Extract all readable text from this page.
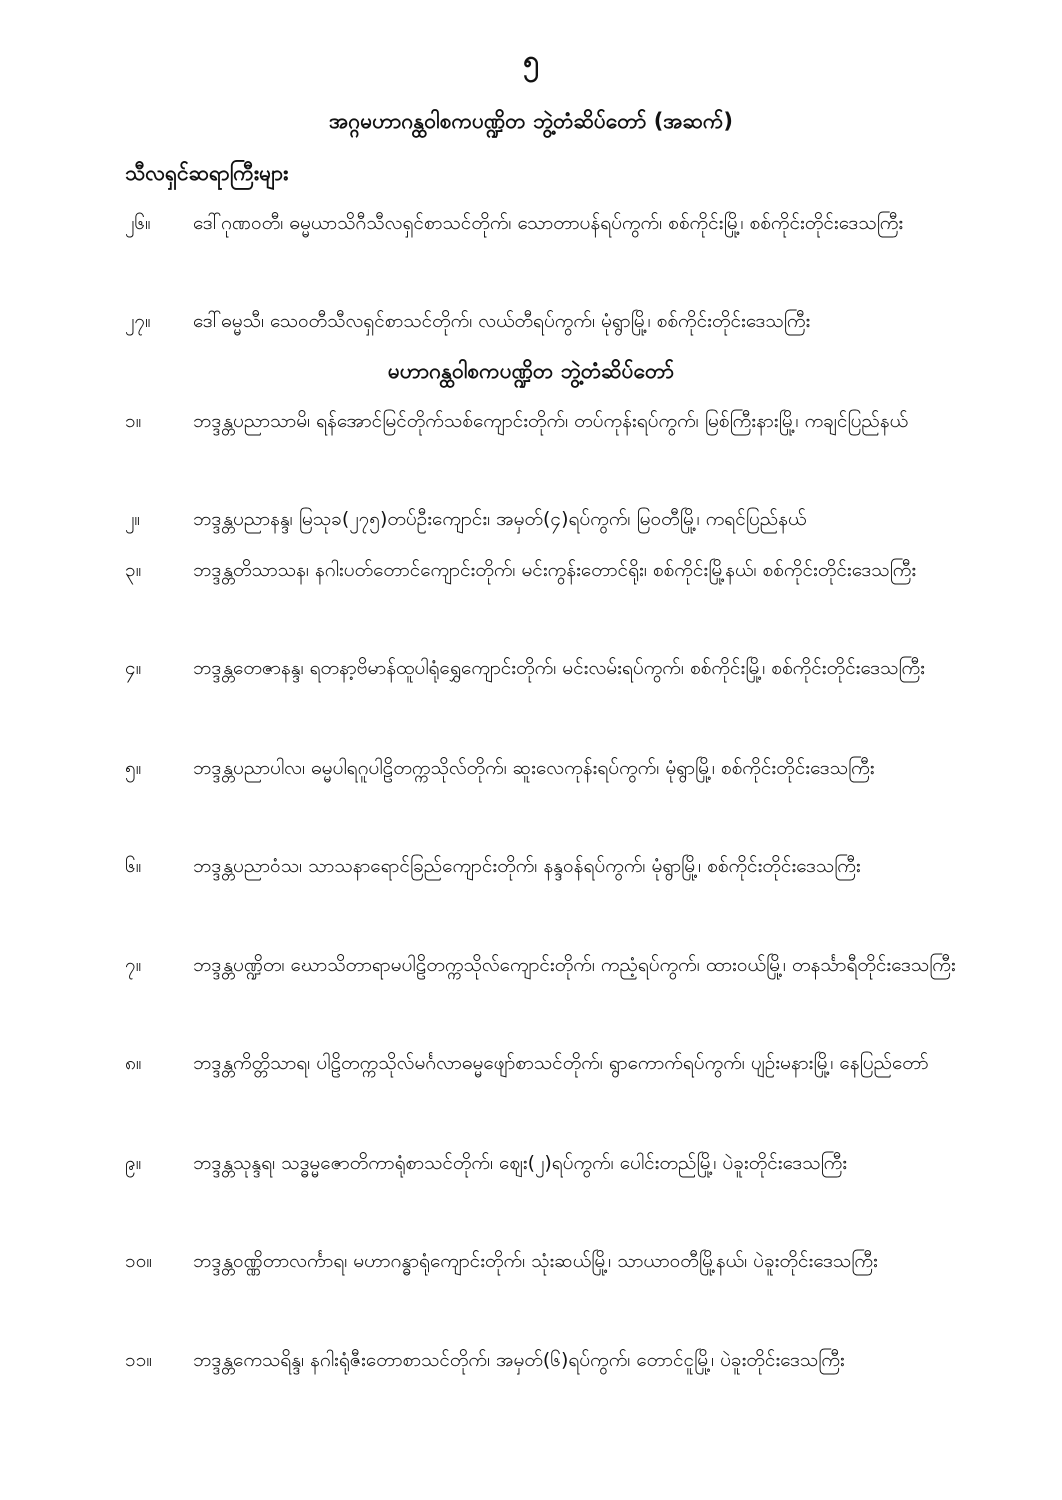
၅
အဂ္ဂမဟာဂန္ထဝါစကပဏ္ဍိတ ဘွဲ့တံဆိပ်တော် (အဆက်)
သီလရှင်ဆရာကြီးများ
၂၆။	ဒေါ်ဂုဏဝတီ၊ ဓမ္မယာသိဂီသီလရှင်စာသင်တိုက်၊ သောတာပန်ရပ်ကွက်၊ စစ်ကိုင်းမြို့၊ စစ်ကိုင်းတိုင်းဒေသကြီး
၂၇။	ဒေါ်ဓမ္မသီ၊ သေဝတီသီလရှင်စာသင်တိုက်၊ လယ်တီရပ်ကွက်၊ မုံရွာမြို့၊ စစ်ကိုင်းတိုင်းဒေသကြီး
မဟာဂန္ထဝါစကပဏ္ဍိတ ဘွဲ့တံဆိပ်တော်
၁။	ဘဒ္ဒန္တပညာသာမိ၊ ရန်အောင်မြင်တိုက်သစ်ကျောင်းတိုက်၊ တပ်ကုန်းရပ်ကွက်၊ မြစ်ကြီးနားမြို့၊ ကချင်ပြည်နယ်
၂။	ဘဒ္ဒန္တပညာနန္ဒ၊ မြသုခ(၂၇၅)တပ်ဦးကျောင်း၊ အမှတ်(၄)ရပ်ကွက်၊ မြဝတီမြို့၊ ကရင်ပြည်နယ်
၃။	ဘဒ္ဒန္တတိသာသန၊ နဂါးပတ်တောင်ကျောင်းတိုက်၊ မင်းကွန်းတောင်ရိုး၊ စစ်ကိုင်းမြို့နယ်၊ စစ်ကိုင်းတိုင်းဒေသကြီး
၄။	ဘဒ္ဒန္တတေဇာနန္ဒ၊ ရတနာ့ဗိမာန်ထူပါရုံရွှေကျောင်းတိုက်၊ မင်းလမ်းရပ်ကွက်၊ စစ်ကိုင်းမြို့၊ စစ်ကိုင်းတိုင်းဒေသကြီး
၅။	ဘဒ္ဒန္တပညာပါလ၊ ဓမ္မပါရဂူပါဠိတက္ကသိုလ်တိုက်၊ ဆူးလေကုန်းရပ်ကွက်၊ မုံရွာမြို့၊ စစ်ကိုင်းတိုင်းဒေသကြီး
၆။	ဘဒ္ဒန္တပညာဝံသ၊ သာသနာရောင်ခြည်ကျောင်းတိုက်၊ နန္ဒဝန်ရပ်ကွက်၊ မုံရွာမြို့၊ စစ်ကိုင်းတိုင်းဒေသကြီး
၇။	ဘဒ္ဒန္တပဏ္ဍိတ၊ ဃောသိတာရာမပါဠိတက္ကသိုလ်ကျောင်းတိုက်၊ ကညံ့ရပ်ကွက်၊ ထားဝယ်မြို့၊ တနင်္သာရီတိုင်းဒေသကြီး
၈။	ဘဒ္ဒန္တကိတ္တိသာရ၊ ပါဠိတက္ကသိုလ်မင်္ဂလာဓမ္မဖျော်စာသင်တိုက်၊ ရွာကောက်ရပ်ကွက်၊ ပျဉ်းမနားမြို့၊ နေပြည်တော်
၉။	ဘဒ္ဒန္တသုန္ဒရ၊ သဒ္ဓမ္မဇောတိကာရုံစာသင်တိုက်၊ ဈေး(၂)ရပ်ကွက်၊ ပေါင်းတည်မြို့၊ ပဲခူးတိုင်းဒေသကြီး
၁၀။	ဘဒ္ဒန္တဝဏ္ဏိတာလင်္ကာရ၊ မဟာဂန္ဓာရုံကျောင်းတိုက်၊ သုံးဆယ်မြို့၊ သာယာဝတီမြို့နယ်၊ ပဲခူးတိုင်းဒေသကြီး
၁၁။	ဘဒ္ဒန္တကေသရိန္ဒ၊ နဂါးရုံဇီးတောစာသင်တိုက်၊ အမှတ်(၆)ရပ်ကွက်၊ တောင်ငူမြို့၊ ပဲခူးတိုင်းဒေသကြီး
